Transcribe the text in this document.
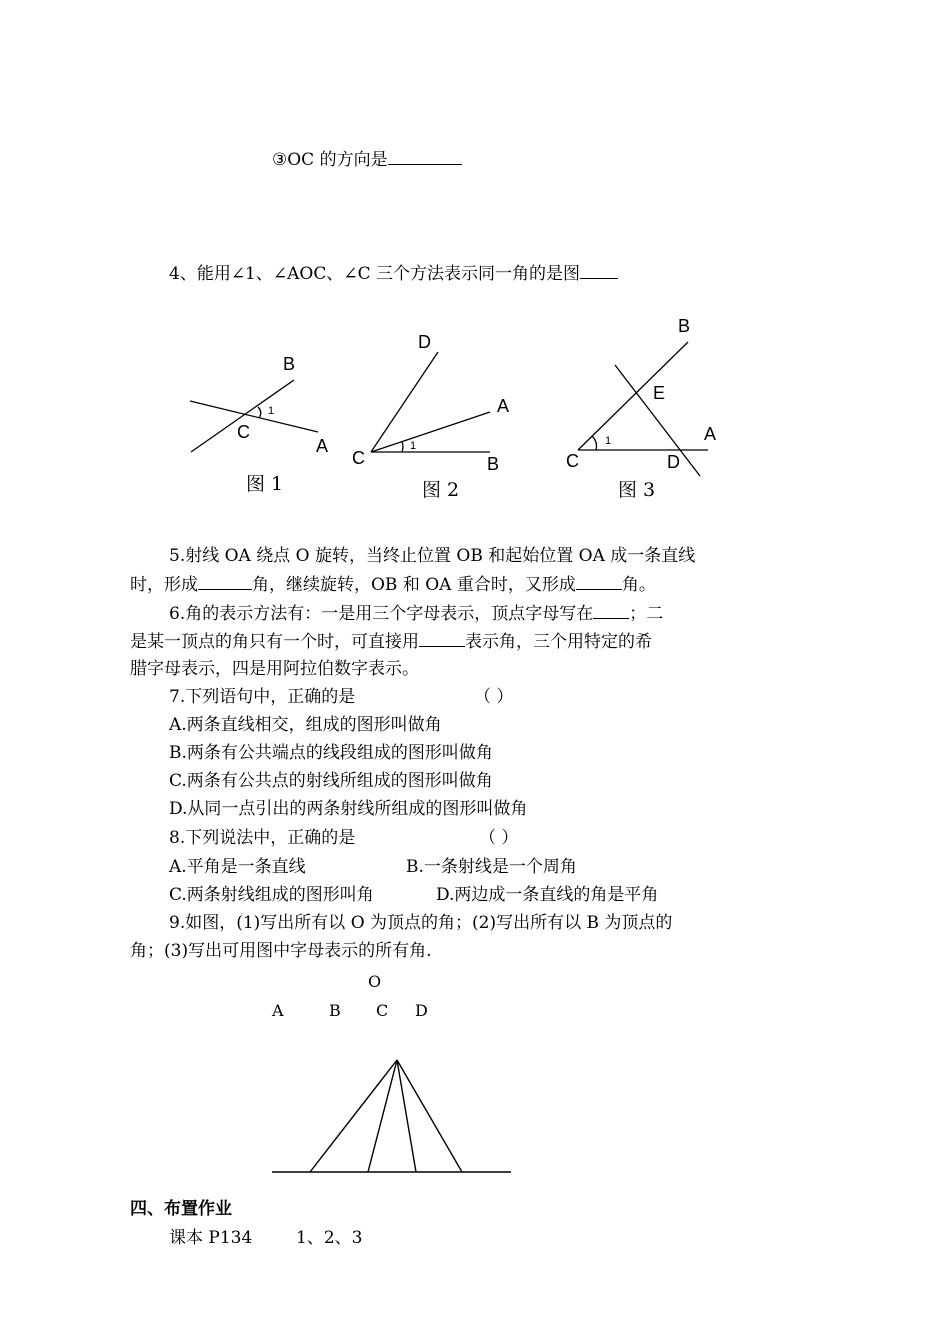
③OC 的方向是
4、能用∠1、∠AOC、∠C 三个方法表示同一角的是图
B
C
A
1
图 1
D
A
C	B
1
图 2
B
E
A
C	D
1
图 3
5.射线 OA 绕点 O 旋转，当终止位置 OB 和起始位置 OA 成一条直线
时，形成	角，继续旋转，OB 和 OA 重合时，又形成	角。
6.角的表示方法有：一是用三个字母表示，顶点字母写在 ；二
是某一顶点的角只有一个时，可直接用	表示角，三个用特定的希
腊字母表示，四是用阿拉伯数字表示。
7.下列语句中，正确的是	（ ）
A.两条直线相交，组成的图形叫做角
B.两条有公共端点的线段组成的图形叫做角
C.两条有公共点的射线所组成的图形叫做角
D.从同一点引出的两条射线所组成的图形叫做角
8.下列说法中，正确的是	（ ）
A.平角是一条直线	B.一条射线是一个周角
C.两条射线组成的图形叫角	D.两边成一条直线的角是平角
9.如图，(1)写出所有以 O 为顶点的角；(2)写出所有以 B 为顶点的
角；(3)写出可用图中字母表示的所有角.
O
A	B C D
四、布置作业
课本 P134	1、2、3
